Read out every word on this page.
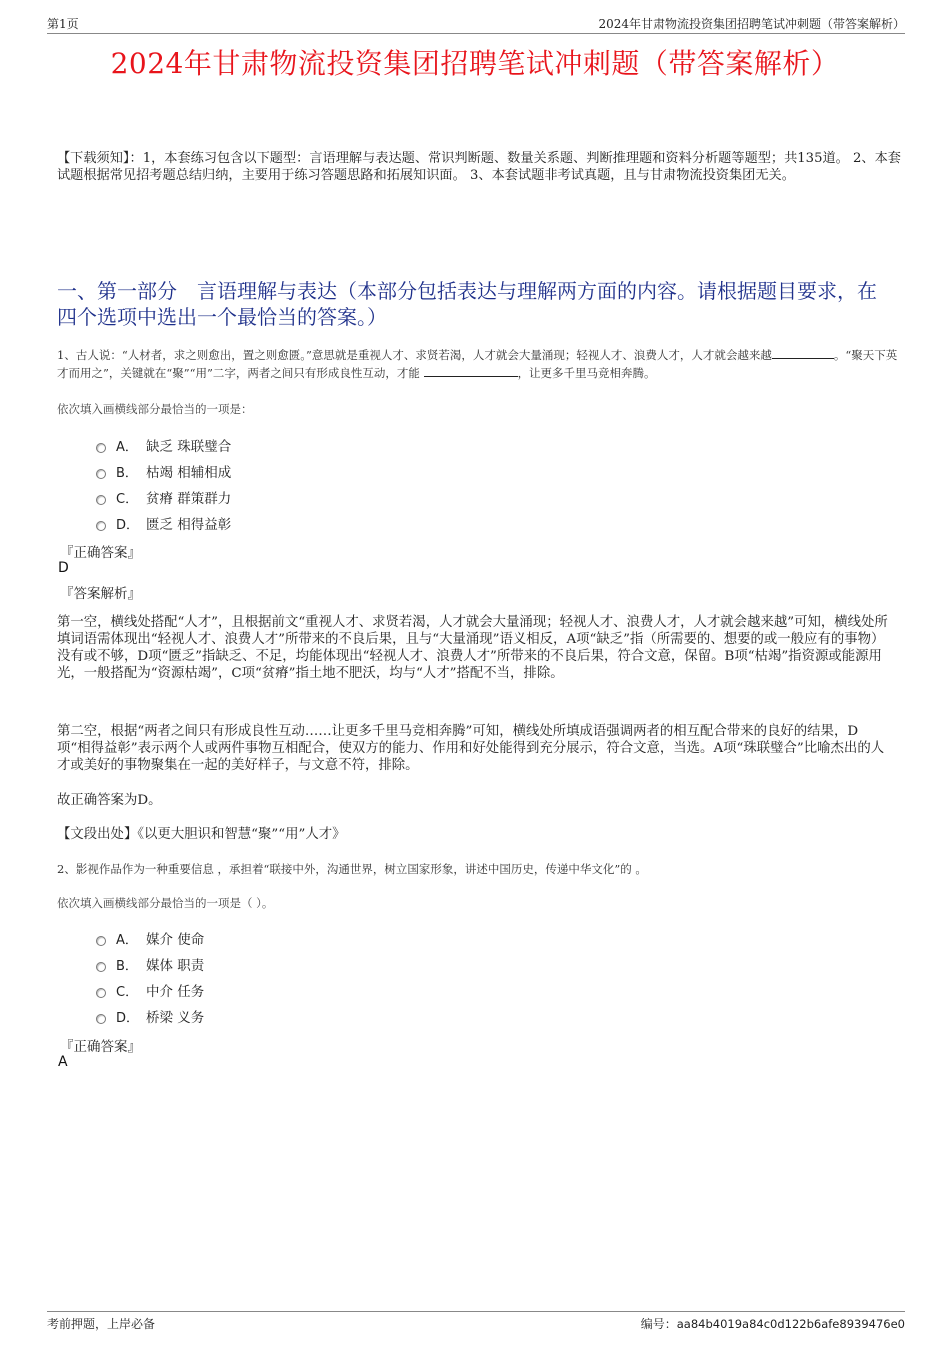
第1页	2024年甘肃物流投资集团招聘笔试冲刺题（带答案解析）
2024年甘肃物流投资集团招聘笔试冲刺题（带答案解析）
【下载须知】：1，本套练习包含以下题型：言语理解与表达题、常识判断题、数量关系题、判断推理题和资料分析题等题型；共135道。 2、本套试题根据常见招考题总结归纳，主要用于练习答题思路和拓展知识面。 3、本套试题非考试真题，且与甘肃物流投资集团无关。
一、第一部分　言语理解与表达（本部分包括表达与理解两方面的内容。请根据题目要求，在四个选项中选出一个最恰当的答案。）
1、古人说：“人材者，求之则愈出，置之则愈匮。”意思就是重视人才、求贤若渴，人才就会大量涌现；轻视人才、浪费人才，人才就会越来越	。“聚天下英才而用之”，关键就在“聚”“用”二字，两者之间只有形成良性互动，才能	，让更多千里马竞相奔腾。
依次填入画横线部分最恰当的一项是：
A． 缺乏 珠联璧合
B． 枯竭 相辅相成
C． 贫瘠 群策群力
D． 匮乏 相得益彰
『正确答案』
D
『答案解析』
第一空，横线处搭配“人才”，且根据前文“重视人才、求贤若渴，人才就会大量涌现；轻视人才、浪费人才，人才就会越来越”可知，横线处所填词语需体现出“轻视人才、浪费人才”所带来的不良后果，且与“大量涌现”语义相反，A项“缺乏”指（所需要的、想要的或一般应有的事物）没有或不够，D项“匮乏”指缺乏、不足，均能体现出“轻视人才、浪费人才”所带来的不良后果，符合文意，保留。B项“枯竭”指资源或能源用光，一般搭配为“资源枯竭”，C项“贫瘠”指土地不肥沃，均与“人才”搭配不当，排除。
第二空，根据“两者之间只有形成良性互动……让更多千里马竞相奔腾”可知，横线处所填成语强调两者的相互配合带来的良好的结果，D项“相得益彰”表示两个人或两件事物互相配合，使双方的能力、作用和好处能得到充分展示，符合文意，当选。A项“珠联璧合”比喻杰出的人才或美好的事物聚集在一起的美好样子，与文意不符，排除。
故正确答案为D。
【文段出处】《以更大胆识和智慧“聚”“用”人才》
2、影视作品作为一种重要信息 ，承担着“联接中外，沟通世界，树立国家形象，讲述中国历史，传递中华文化”的 。
依次填入画横线部分最恰当的一项是（ ）。
A． 媒介 使命
B． 媒体 职责
C． 中介 任务
D． 桥梁 义务
『正确答案』
A
考前押题，上岸必备	编号：aa84b4019a84c0d122b6afe8939476e0
